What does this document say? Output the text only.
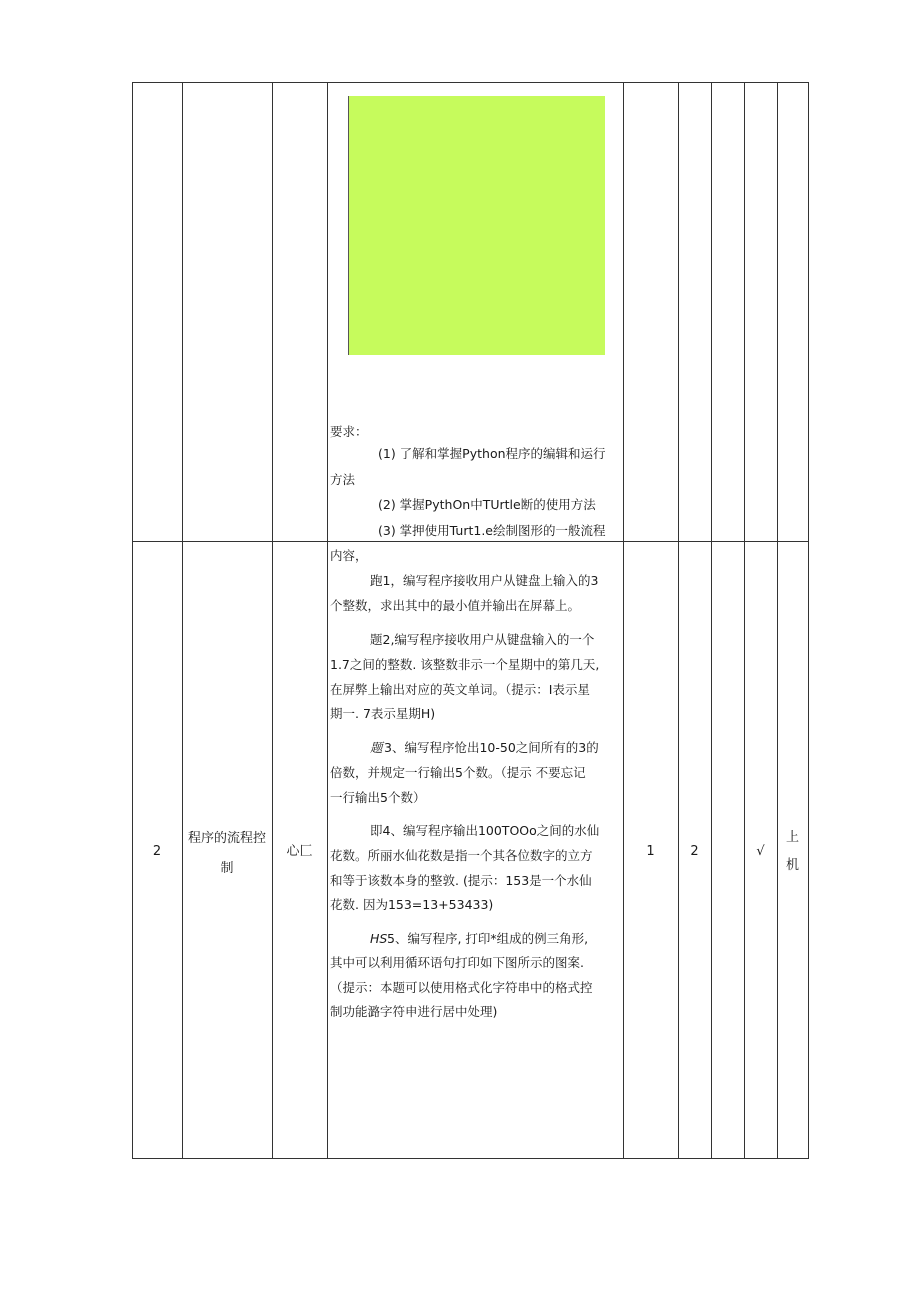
要求：
(1) 了解和掌握Python程序的编辑和运行
方法
(2) 掌握PythOn中TUrtle断的使用方法
(3) 掌押使用Turt1.e绘制图形的一般流程
2
程序的流程控
制
心匚
内容，
跑1，编写程序接收用户从键盘上输入的3
个整数，求出其中的最小值并输出在屏幕上。
题2,编写程序接收用户从键盘输入的一个
1.7之间的整数. 该整数非示一个星期中的第几天,
在屏弊上输出对应的英文单词。（提示：I表示星
期一. 7表示星期H)
题 3、编写程序怆出10-50之间所有的3的
倍数，并规定一行输出5个数。（提示 不要忘记
一行输出5个数）
即4、编写程序输出100TOOo之间的水仙
花数。所丽水仙花数是指一个其各位数字的立方
和等于该数本身的整敦. (提示：153是一个水仙
花数. 因为153=13+53433)
HS 5、编写程序, 打印*组成的例三角形,
其中可以利用循环语句打印如下图所示的图案.
（提示：本题可以使用格式化字符串中的格式控
制功能潞字符申进行居中处理)
1	2	√
上
机
